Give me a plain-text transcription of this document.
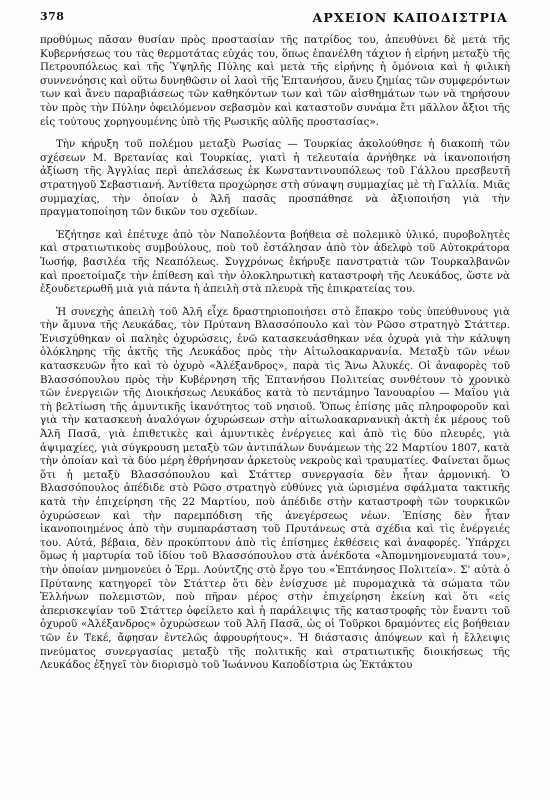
378	ΑΡΧΕΙΟΝ ΚΑΠΟΔΙΣΤΡΙΑ

προθύμως πᾶσαν θυσίαν πρὸς προστασίαν τῆς πατρίδος του, ἀπευθύνει δὲ μετὰ τῆς Κυβερνήσεως του τὰς θερμοτάτας εὐχάς του, ὅπως ἐπανέλθη τάχιον ἡ εἰρήνη μεταξὺ τῆς Πετρουπόλεως καὶ τῆς Ὑψηλῆς Πύλης καὶ μετὰ τῆς εἰρήνης ἡ ὁμόνοια καὶ ἡ φιλικὴ συννενόησις καὶ οὕτω δυνηθῶσιν οἱ λαοὶ τῆς Ἑπτανήσου, ἄνευ ζημίας τῶν συμφερόντων των καὶ ἄνευ παραβιάσεως τῶν καθηκόντων των καὶ τῶν αἰσθημάτων των νὰ τηρήσουν τὸν πρὸς τὴν Πύλην ὀφειλόμενον σεβασμὸν καὶ καταστοῦν συνάμα ἔτι μᾶλλον ἄξιοι τῆς εἰς τούτους χορηγουμένης ὑπὸ τῆς Ρωσικῆς αὐλῆς προστασίας».

Τὴν κήρυξη τοῦ πολέμου μεταξὺ Ρωσίας — Τουρκίας ἀκολούθησε ἡ διακοπὴ τῶν σχέσεων Μ. Βρετανίας καὶ Τουρκίας, γιατὶ ἡ τελευταία ἀρνήθηκε νὰ ἱκανοποιήση ἀξίωση τῆς Ἀγγλίας περὶ ἀπελάσεως ἐκ Κωνσταντινουπόλεως τοῦ Γάλλου πρεσβευτῆ στρατηγοῦ Σεβαστιανή. Ἀντίθετα προχώρησε στὴ σύναψη συμμαχίας μὲ τὴ Γαλλία. Μιᾶς συμμαχίας, τὴν ὁποίαν ὁ Ἀλῆ πασᾶς προσπάθησε νὰ ἀξιοποιήση γιὰ τὴν πραγματοποίηση τῶν δικῶν του σχεδίων.

Ἐζήτησε καὶ ἐπέτυχε ἀπὸ τὸν Ναπολέοντα βοήθεια σὲ πολεμικὸ ὑλικό, πυροβολητὲς καὶ στρατιωτικοὺς συμβούλους, ποὺ τοῦ ἐστάλησαν ἀπὸ τὸν ἀδελφὸ τοῦ Αὐτοκράτορα Ἰωσήφ, βασιλέα τῆς Νεαπόλεως. Συγχρόνως ἐκήρυξε πανστρατιὰ τῶν Τουρκαλβανῶν καὶ προετοίμαζε τὴν ἐπίθεση καὶ τὴν ὁλοκληρωτικὴ καταστροφὴ τῆς Λευκάδος, ὥστε νὰ ἐξουδετερωθῆ μιὰ γιὰ πάντα ἡ ἀπειλὴ στὰ πλευρὰ τῆς ἐπικρατείας του.

Ἡ συνεχὴς ἀπειλὴ τοῦ Ἀλῆ εἶχε δραστηριοποιήσει στὸ ἔπακρο τοὺς ὑπεύθυνους γιὰ τὴν ἄμυνα τῆς Λευκάδας, τὸν Πρύτανη Βλασσόπουλο καὶ τὸν Ρῶσο στρατηγὸ Στάττερ. Ἐνισχύθηκαν οἱ παληὲς ὀχυρώσεις, ἐνῶ κατασκευάσθηκαν νέα ὀχυρὰ γιὰ τὴν κάλυψη ὁλόκληρης τῆς ἀκτῆς τῆς Λευκάδος πρὸς τὴν Αἰτωλοακαρνανία. Μεταξὺ τῶν νέων κατασκευῶν ἦτο καὶ τὸ ὀχυρὸ «Ἀλέξανδρος», παρὰ τὶς Ἄνω Ἀλυκές. Οἱ ἀναφορὲς τοῦ Βλασσόπουλου πρὸς τὴν Κυβέρνηση τῆς Ἑπτανήσου Πολιτείας συνθέτουν τὸ χρονικὸ τῶν ἐνεργειῶν τῆς Διοικήσεως Λευκάδος κατὰ τὸ πεντάμηνο Ἰανουαρίου — Μαΐου γιὰ τὴ βελτίωση τῆς ἀμυντικῆς ἱκανότητος τοῦ νησιοῦ. Ὅπως ἐπίσης μᾶς πληροφοροῦν καὶ γιὰ τὴν κατασκευὴ ἀναλόγων ὀχυρώσεων στὴν αἰτωλοακαρνανικὴ ἀκτὴ ἐκ μέρους τοῦ Ἀλῆ Πασᾶ, γιὰ ἐπιθετικὲς καὶ ἀμυντικὲς ἐνέργειες καὶ ἀπὸ τὶς δύο πλευρές, γιὰ ἀψιμαχίες, γιὰ σύγκρουση μεταξὺ τῶν ἀντιπάλων δυνάμεων τὴς 22 Μαρτίου 1807, κατὰ τὴν ὁποίαν καὶ τὰ δύο μέρη ἐθρήνησαν ἀρκετοὺς νεκροὺς καὶ τραυματίες. Φαίνεται ὅμως ὅτι ἡ μεταξὺ Βλασσόπουλου καὶ Στάττερ συνεργασία δὲν ἦταν ἁρμονική. Ὁ Βλασσόπουλος ἀπέδιδε στὸ Ρῶσο στρατηγὸ εὐθύνες γιὰ ὡρισμένα σφάλματα τακτικῆς κατὰ τὴν ἐπιχείρηση τῆς 22 Μαρτίου, ποὺ ἀπέδιδε στὴν καταστροφὴ τῶν τουρκικῶν ὀχυρώσεων καὶ τὴν παρεμπόδιση τῆς ἀνεγέρσεως νέων. Ἐπίσης δὲν ἦταν ἱκανοποιημένος ἀπὸ τὴν συμπαράσταση τοῦ Πρυτάνεως στὰ σχέδια καὶ τὶς ἐνέργειές του. Αὐτά, βέβαια, δὲν προκύπτουν ἀπὸ τὶς ἐπίσημες ἐκθέσεις καὶ ἀναφορές. Ὑπάρχει ὅμως ἡ μαρτυρία τοῦ ἰδίου τοῦ Βλασσόπουλου στὰ ἀνέκδοτα «Ἀπομνημονευματά του», τὴν ὁποίαν μνημονεύει ὁ Ἑρμ. Λούντζης στὸ ἔργο του «Ἑπτάνησος Πολιτεία». Σ' αὐτὰ ὁ Πρύτανης κατηγορεῖ τὸν Στάττερ ὅτι δὲν ἐνίσχυσε μὲ πυρομαχικὰ τὰ σώματα τῶν Ἑλλήνων πολεμιστῶν, ποὺ πῆραν μέρος στὴν ἐπιχείρηση ἐκείνη καὶ ὅτι «εἰς ἀπερισκεψίαν τοῦ Στάττερ ὀφείλετο καὶ ἡ παράλειψις τῆς καταστροφῆς τὸν ἔναντι τοῦ ὀχυροῦ «Ἀλέξανδρος» ὀχυρώσεων τοῦ Ἀλῆ Πασᾶ, ὡς οἱ Τοῦρκοι δραμόντες εἰς βοήθειαν τῶν ἐν Τεκέ, ἄφησαν ἐντελῶς ἀφρουρήτους». Ἡ διάστασις ἀπόψεων καὶ ἡ ἔλλειψις πνεύματος συνεργασίας μεταξὺ τῆς πολιτικῆς καὶ στρατιωτικῆς διοικήσεως τῆς Λευκάδος ἐξηγεῖ τὸν διορισμὸ τοῦ Ἰωάννου Καποδίστρια ὡς Ἐκτάκτου
